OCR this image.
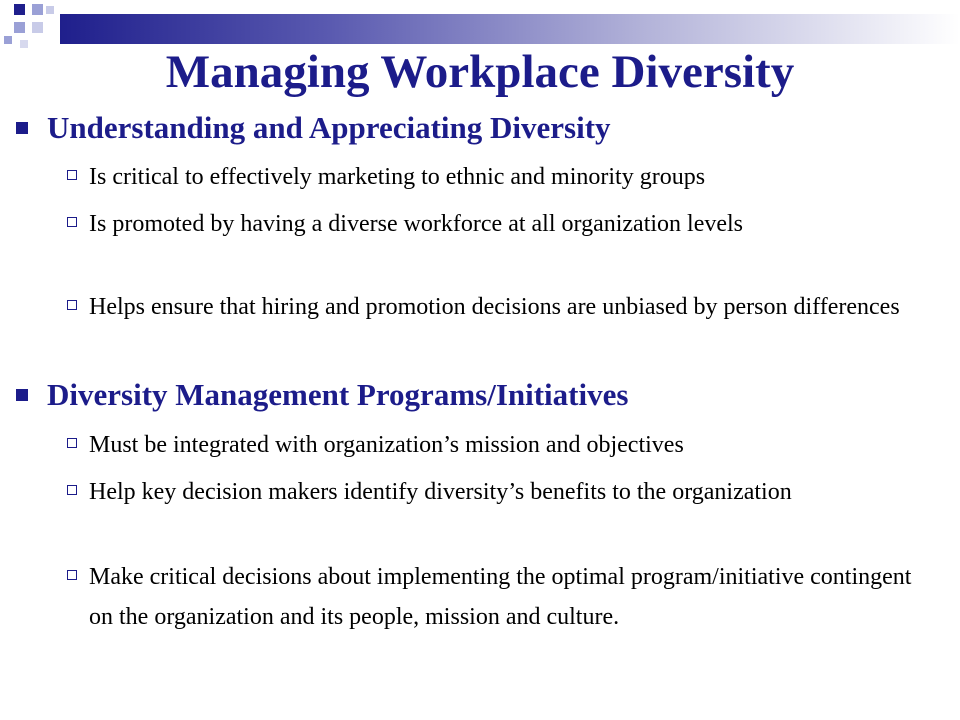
Managing Workplace Diversity
Understanding and Appreciating Diversity
Is critical to effectively marketing to ethnic and minority groups
Is promoted by having a diverse workforce at all organization levels
Helps ensure that hiring and promotion decisions are unbiased by person differences
Diversity Management Programs/Initiatives
Must be integrated with organization’s mission and objectives
Help key decision makers identify diversity’s benefits to the organization
Make critical decisions about implementing the optimal program/initiative contingent on the organization and its people, mission and culture.
